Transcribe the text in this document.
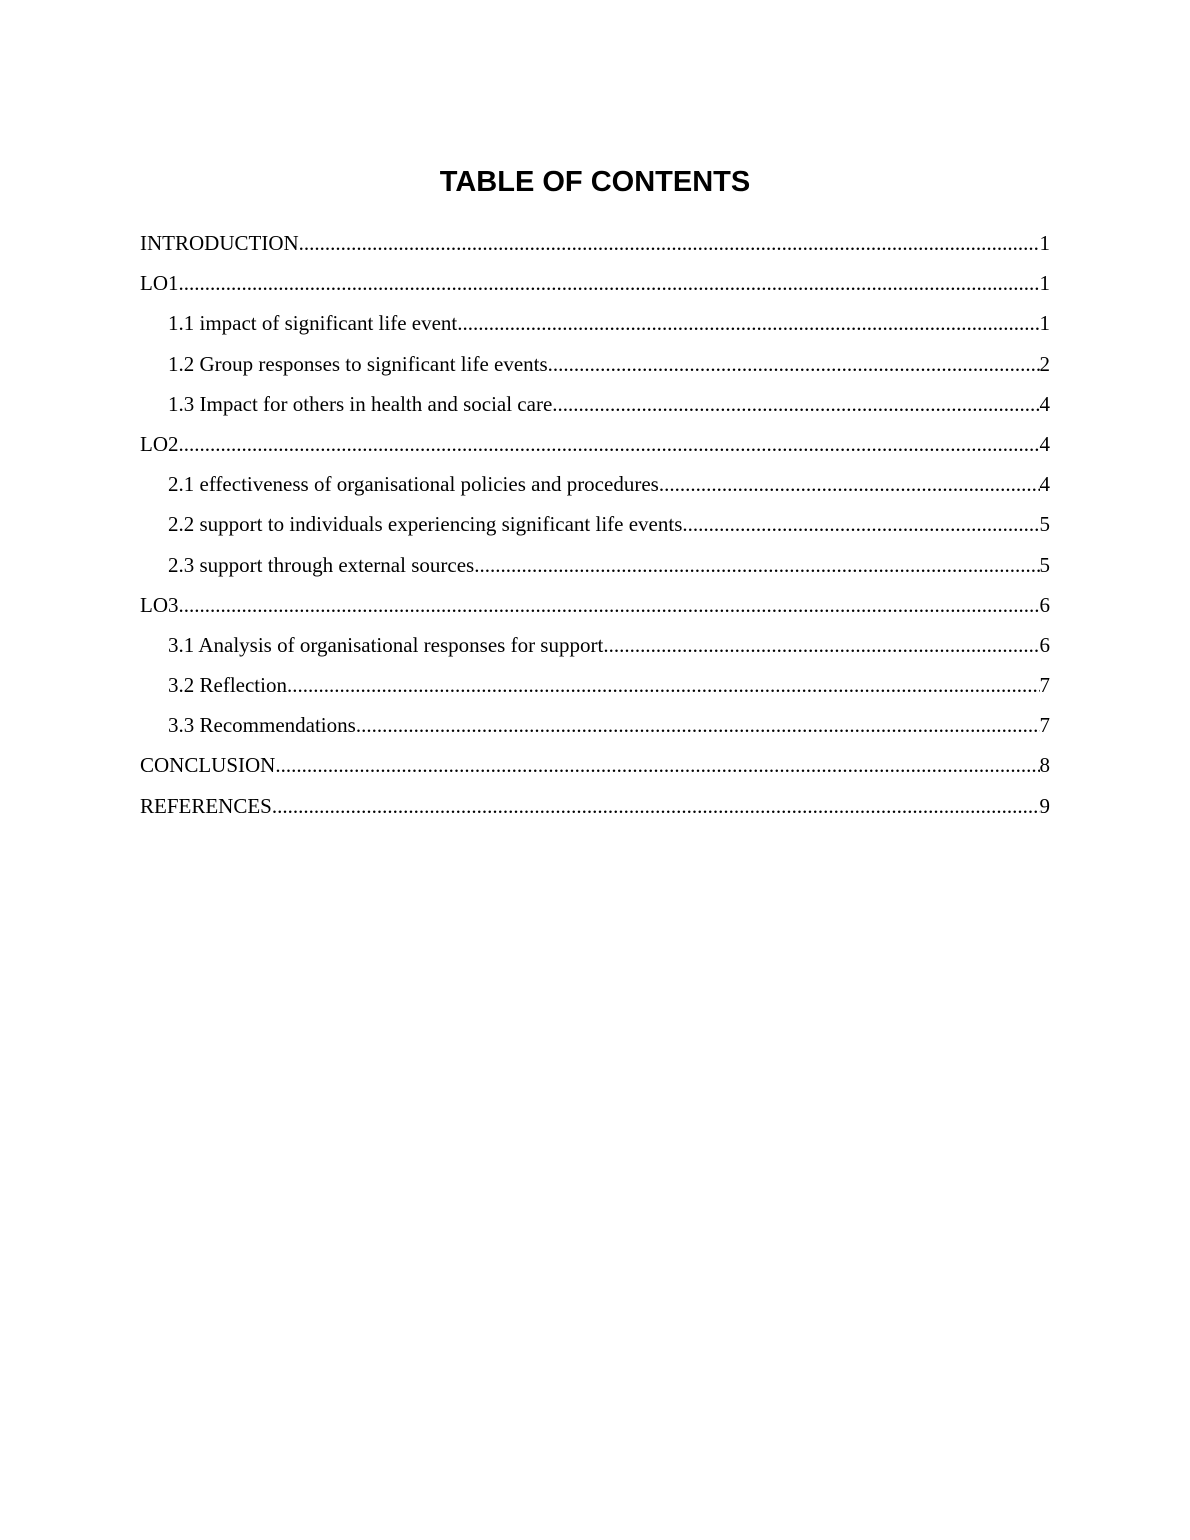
TABLE OF CONTENTS
INTRODUCTION .....	1
LO1 .....	1
1.1 impact of significant life event .....	1
1.2 Group responses to significant life events .....	2
1.3 Impact for others in health and social care .....	4
LO2 .....	4
2.1 effectiveness of organisational policies and procedures .....	4
2.2 support to individuals experiencing significant life events .....	5
2.3 support through external sources .....	5
LO3 .....	6
3.1 Analysis of organisational responses for support .....	6
3.2 Reflection .....	7
3.3 Recommendations .....	7
CONCLUSION .....	8
REFERENCES .....	9
